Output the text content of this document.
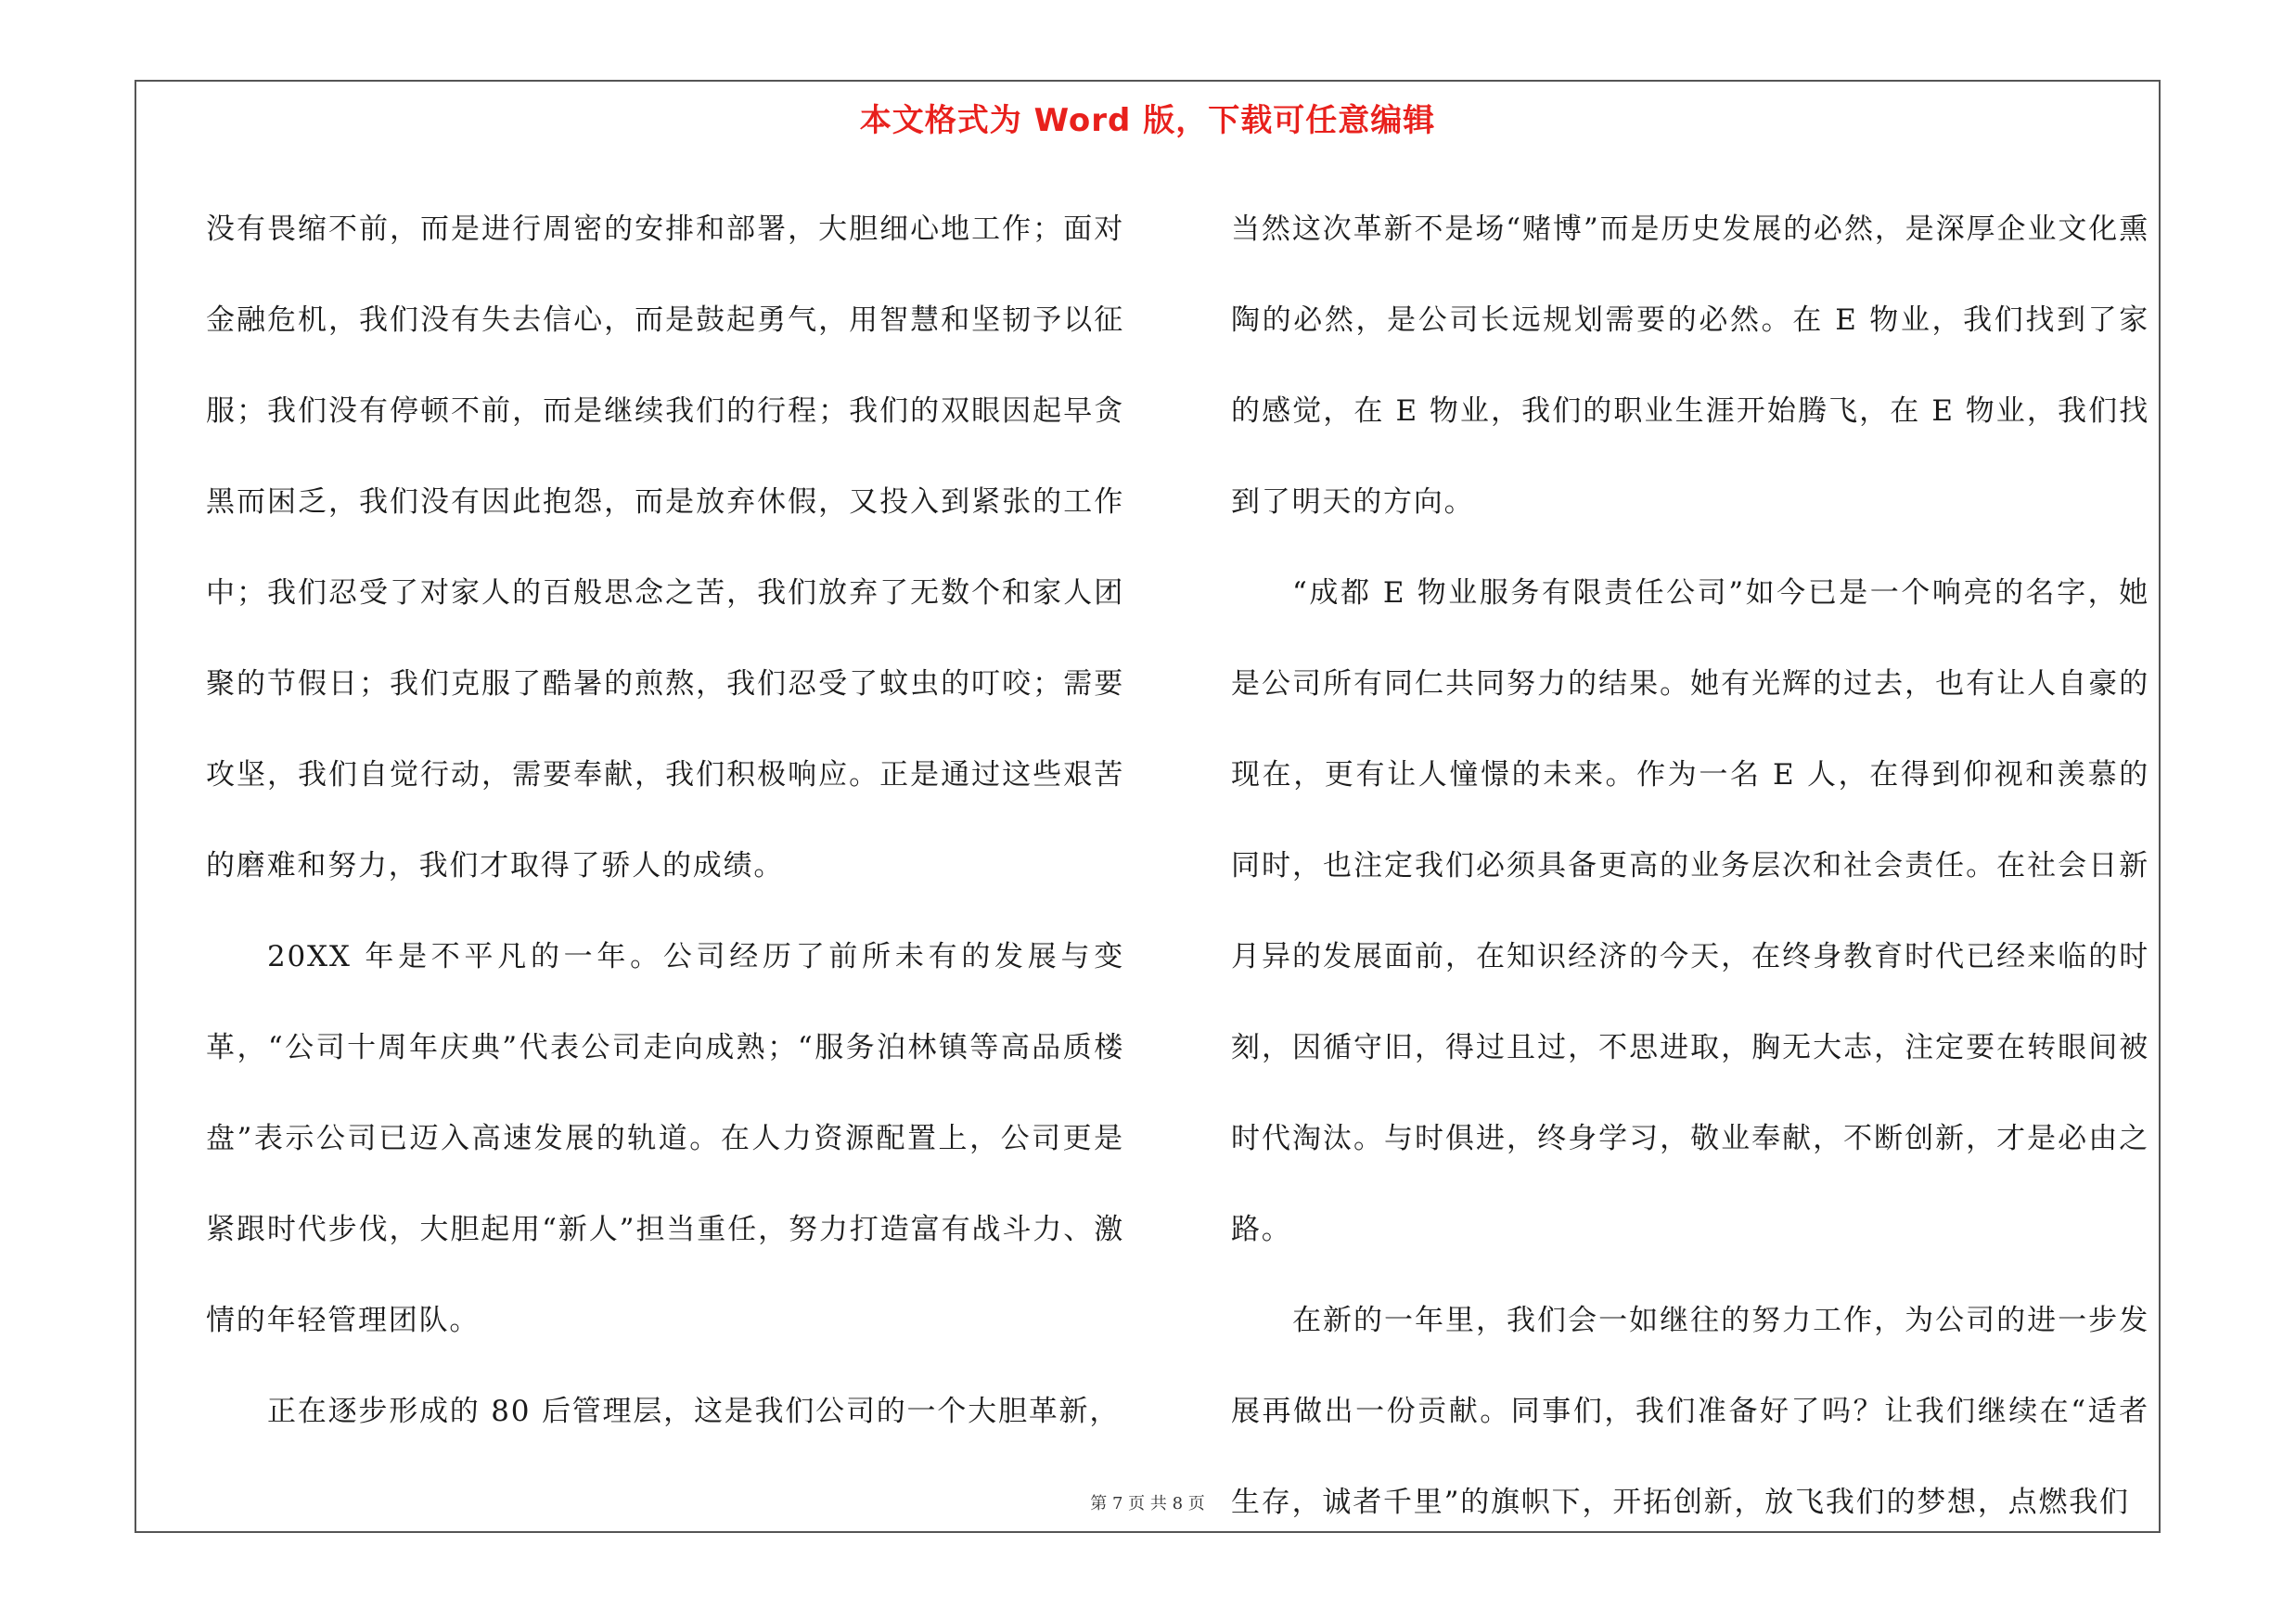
本文格式为 Word 版，下载可任意编辑

没有畏缩不前，而是进行周密的安排和部署，大胆细心地工作；面对金融危机，我们没有失去信心，而是鼓起勇气，用智慧和坚韧予以征服；我们没有停顿不前，而是继续我们的行程；我们的双眼因起早贪黑而困乏，我们没有因此抱怨，而是放弃休假，又投入到紧张的工作中；我们忍受了对家人的百般思念之苦，我们放弃了无数个和家人团聚的节假日；我们克服了酷暑的煎熬，我们忍受了蚊虫的叮咬；需要攻坚，我们自觉行动，需要奉献，我们积极响应。正是通过这些艰苦的磨难和努力，我们才取得了骄人的成绩。

20XX 年是不平凡的一年。公司经历了前所未有的发展与变革，“公司十周年庆典”代表公司走向成熟；“服务泊林镇等高品质楼盘”表示公司已迈入高速发展的轨道。在人力资源配置上，公司更是紧跟时代步伐，大胆起用“新人”担当重任，努力打造富有战斗力、激情的年轻管理团队。

正在逐步形成的 80 后管理层，这是我们公司的一个大胆革新，

当然这次革新不是场“赌博”而是历史发展的必然，是深厚企业文化熏陶的必然，是公司长远规划需要的必然。在 E 物业，我们找到了家的感觉，在 E 物业，我们的职业生涯开始腾飞，在 E 物业，我们找到了明天的方向。

“成都 E 物业服务有限责任公司”如今已是一个响亮的名字，她是公司所有同仁共同努力的结果。她有光辉的过去，也有让人自豪的现在，更有让人憧憬的未来。作为一名 E 人，在得到仰视和羡慕的同时，也注定我们必须具备更高的业务层次和社会责任。在社会日新月异的发展面前，在知识经济的今天，在终身教育时代已经来临的时刻，因循守旧，得过且过，不思进取，胸无大志，注定要在转眼间被时代淘汰。与时俱进，终身学习，敬业奉献，不断创新，才是必由之路。

在新的一年里，我们会一如继往的努力工作，为公司的进一步发展再做出一份贡献。同事们，我们准备好了吗？让我们继续在“适者生存，诚者千里”的旗帜下，开拓创新，放飞我们的梦想，点燃我们

第 7 页 共 8 页
